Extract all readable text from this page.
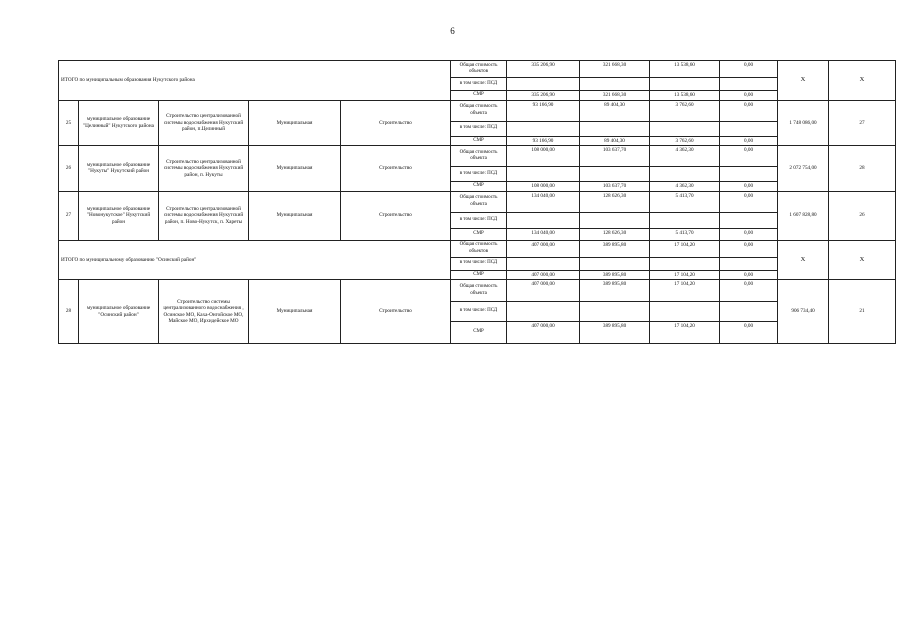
6
ИТОГО по муниципальным образования Нукутского района					Общая стоимость объектов	335 206,90	321 668,30	13 538,60	0,00	Х	Х
					в том числе: ПСД						
					СМР	335 206,90	321 668,30	13 538,60	0,00		
25	муниципальное образование "Целинный" Нукутского района	Строительство централизованной системы водоснабжения Нукутский район, п.Целинный	Муниципальная	Строительство	Общая стоимость объекта	93 166,90	89 404,30	3 762,60	0,00	1 748 086,00	27
					в том числе: ПСД						
					СМР	93 166,90	89 404,30	3 762,60	0,00		
26	муниципальное образование "Нукуты" Нукутский район	Строительство централизованной системы водоснабжения Нукутский район, п. Нукуты	Муниципальная	Строительство	Общая стоимость объекта	108 000,00	103 637,70	4 362,30	0,00	2 072 754,00	28
					в том числе: ПСД						
					СМР	108 000,00	103 637,70	4 362,30	0,00		
27	муниципальное образование "Новонукутское" Нукутский район	Строительство централизованной системы водоснабжения Нукутский район, п. Ново-Нукутск, п. Хареты	Муниципальная	Строительство	Общая стоимость объекта	134 040,00	128 626,30	5 413,70	0,00	1 607 828,80	26
					в том числе: ПСД						
					СМР	134 040,00	128 626,30	5 413,70	0,00		
ИТОГО по муниципальному образованию "Осинский район"					Общая стоимость объектов	407 000,00	389 895,80	17 104,20	0,00	Х	Х
					в том числе: ПСД						
					СМР	407 000,00	389 895,80	17 104,20	0,00		
28	муниципальное образование "Осинский район"	Строительство системы централизованного водоснабжения , Осинское МО, Каха-Онгойское МО, Майское МО, Ирхидейское МО	Муниципальная	Строительство	Общая стоимость объекта	407 000,00	389 895,80	17 104,20	0,00	906 734,40	21
					в том числе: ПСД						
					СМР	407 000,00	389 895,80	17 104,20	0,00		
